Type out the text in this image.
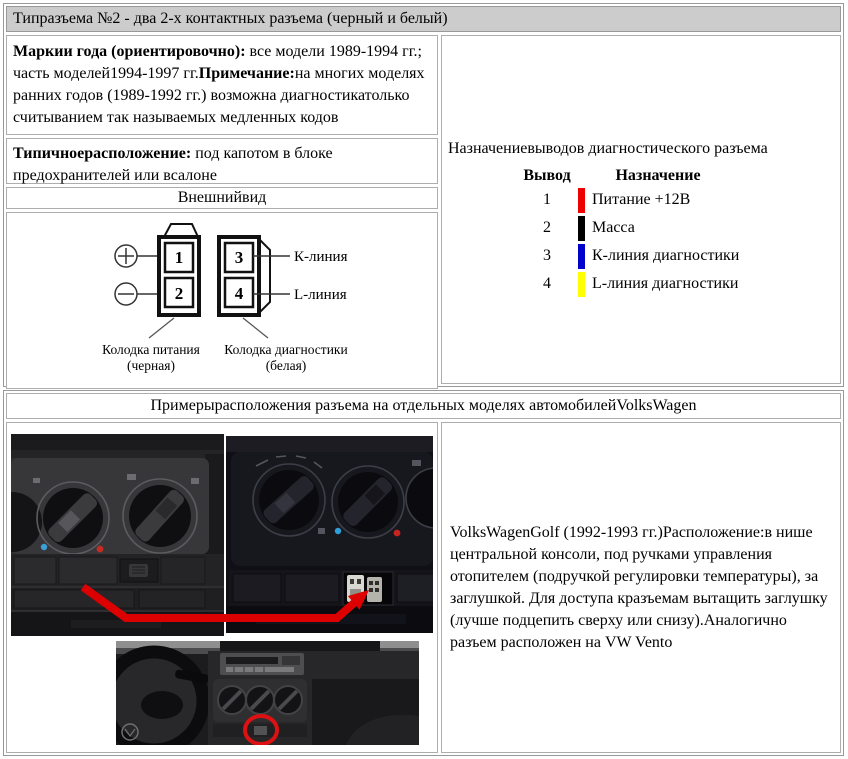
Типразъема №2 - два 2-х контактных разъема (черный и белый)
Маркии года (ориентировочно): все модели 1989-1994 гг.; часть моделей1994-1997 гг.Примечание:на многих моделях ранних годов (1989-1992 гг.) возможна диагностикатолько считыванием так называемых медленных кодов
Типичноерасположение: под капотом в блоке предохранителей или всалоне
Внешнийвид
1
2
3
4
К-линия
L-линия
Колодка питания
(черная)
Колодка диагностики
(белая)
Назначениевыводов диагностического разъема
Вывод	Назначение
1	Питание +12В
2	Масса
3	К-линия диагностики
4	L-линия диагностики
Примерырасположения разъема на отдельных моделях автомобилейVolksWagen
VolksWagenGolf (1992-1993 гг.)Расположение:в нише центральной консоли, под ручками управления отопителем (подручкой регулировки температуры), за заглушкой. Для доступа кразъемам вытащить заглушку (лучше подцепить сверху или снизу).Аналогично разъем расположен на VW Vento
